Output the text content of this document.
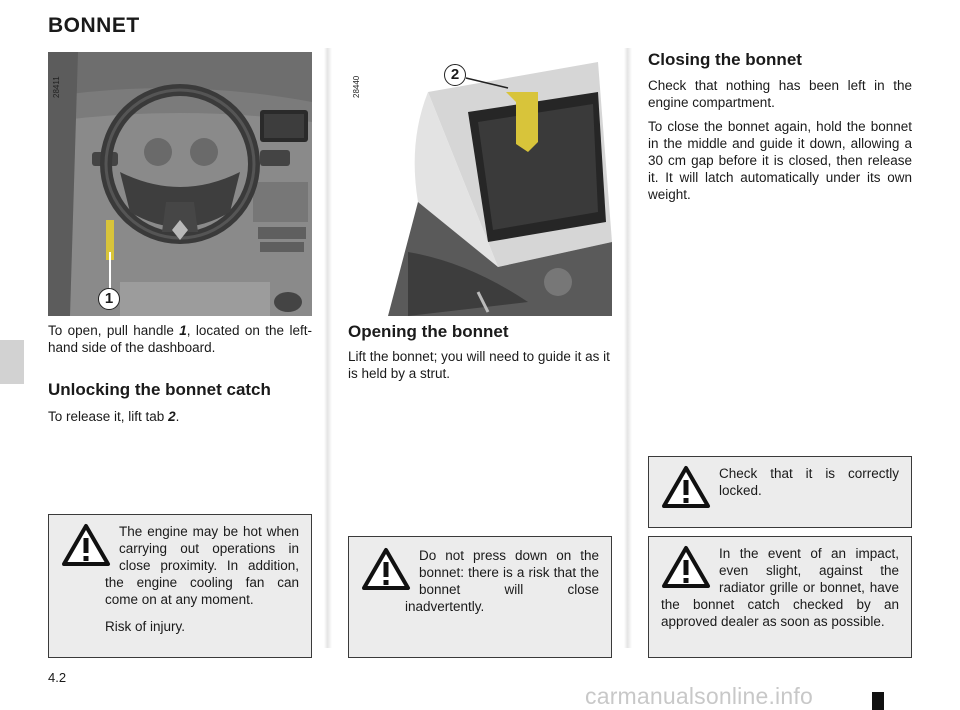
BONNET
28411
1
To open, pull handle 1, located on the left-hand side of the dashboard.
Unlocking the bonnet catch
To release it, lift tab 2.

The engine may be hot when carrying out operations in close proximity. In addition, the engine cooling fan can come on at any moment.

Risk of injury.

28440
2
Opening the bonnet
Lift the bonnet; you will need to guide it as it is held by a strut.

Do not press down on the bonnet: there is a risk that the bonnet will close inadvertently.

Closing the bonnet
Check that nothing has been left in the engine compartment.
To close the bonnet again, hold the bonnet in the middle and guide it down, allowing a 30 cm gap before it is closed, then release it. It will latch automatically under its own weight.

Check that it is correctly locked.

In the event of an impact, even slight, against the radiator grille or bonnet, have the bonnet catch checked by an approved dealer as soon as possible.

4.2
carmanualsonline.info
